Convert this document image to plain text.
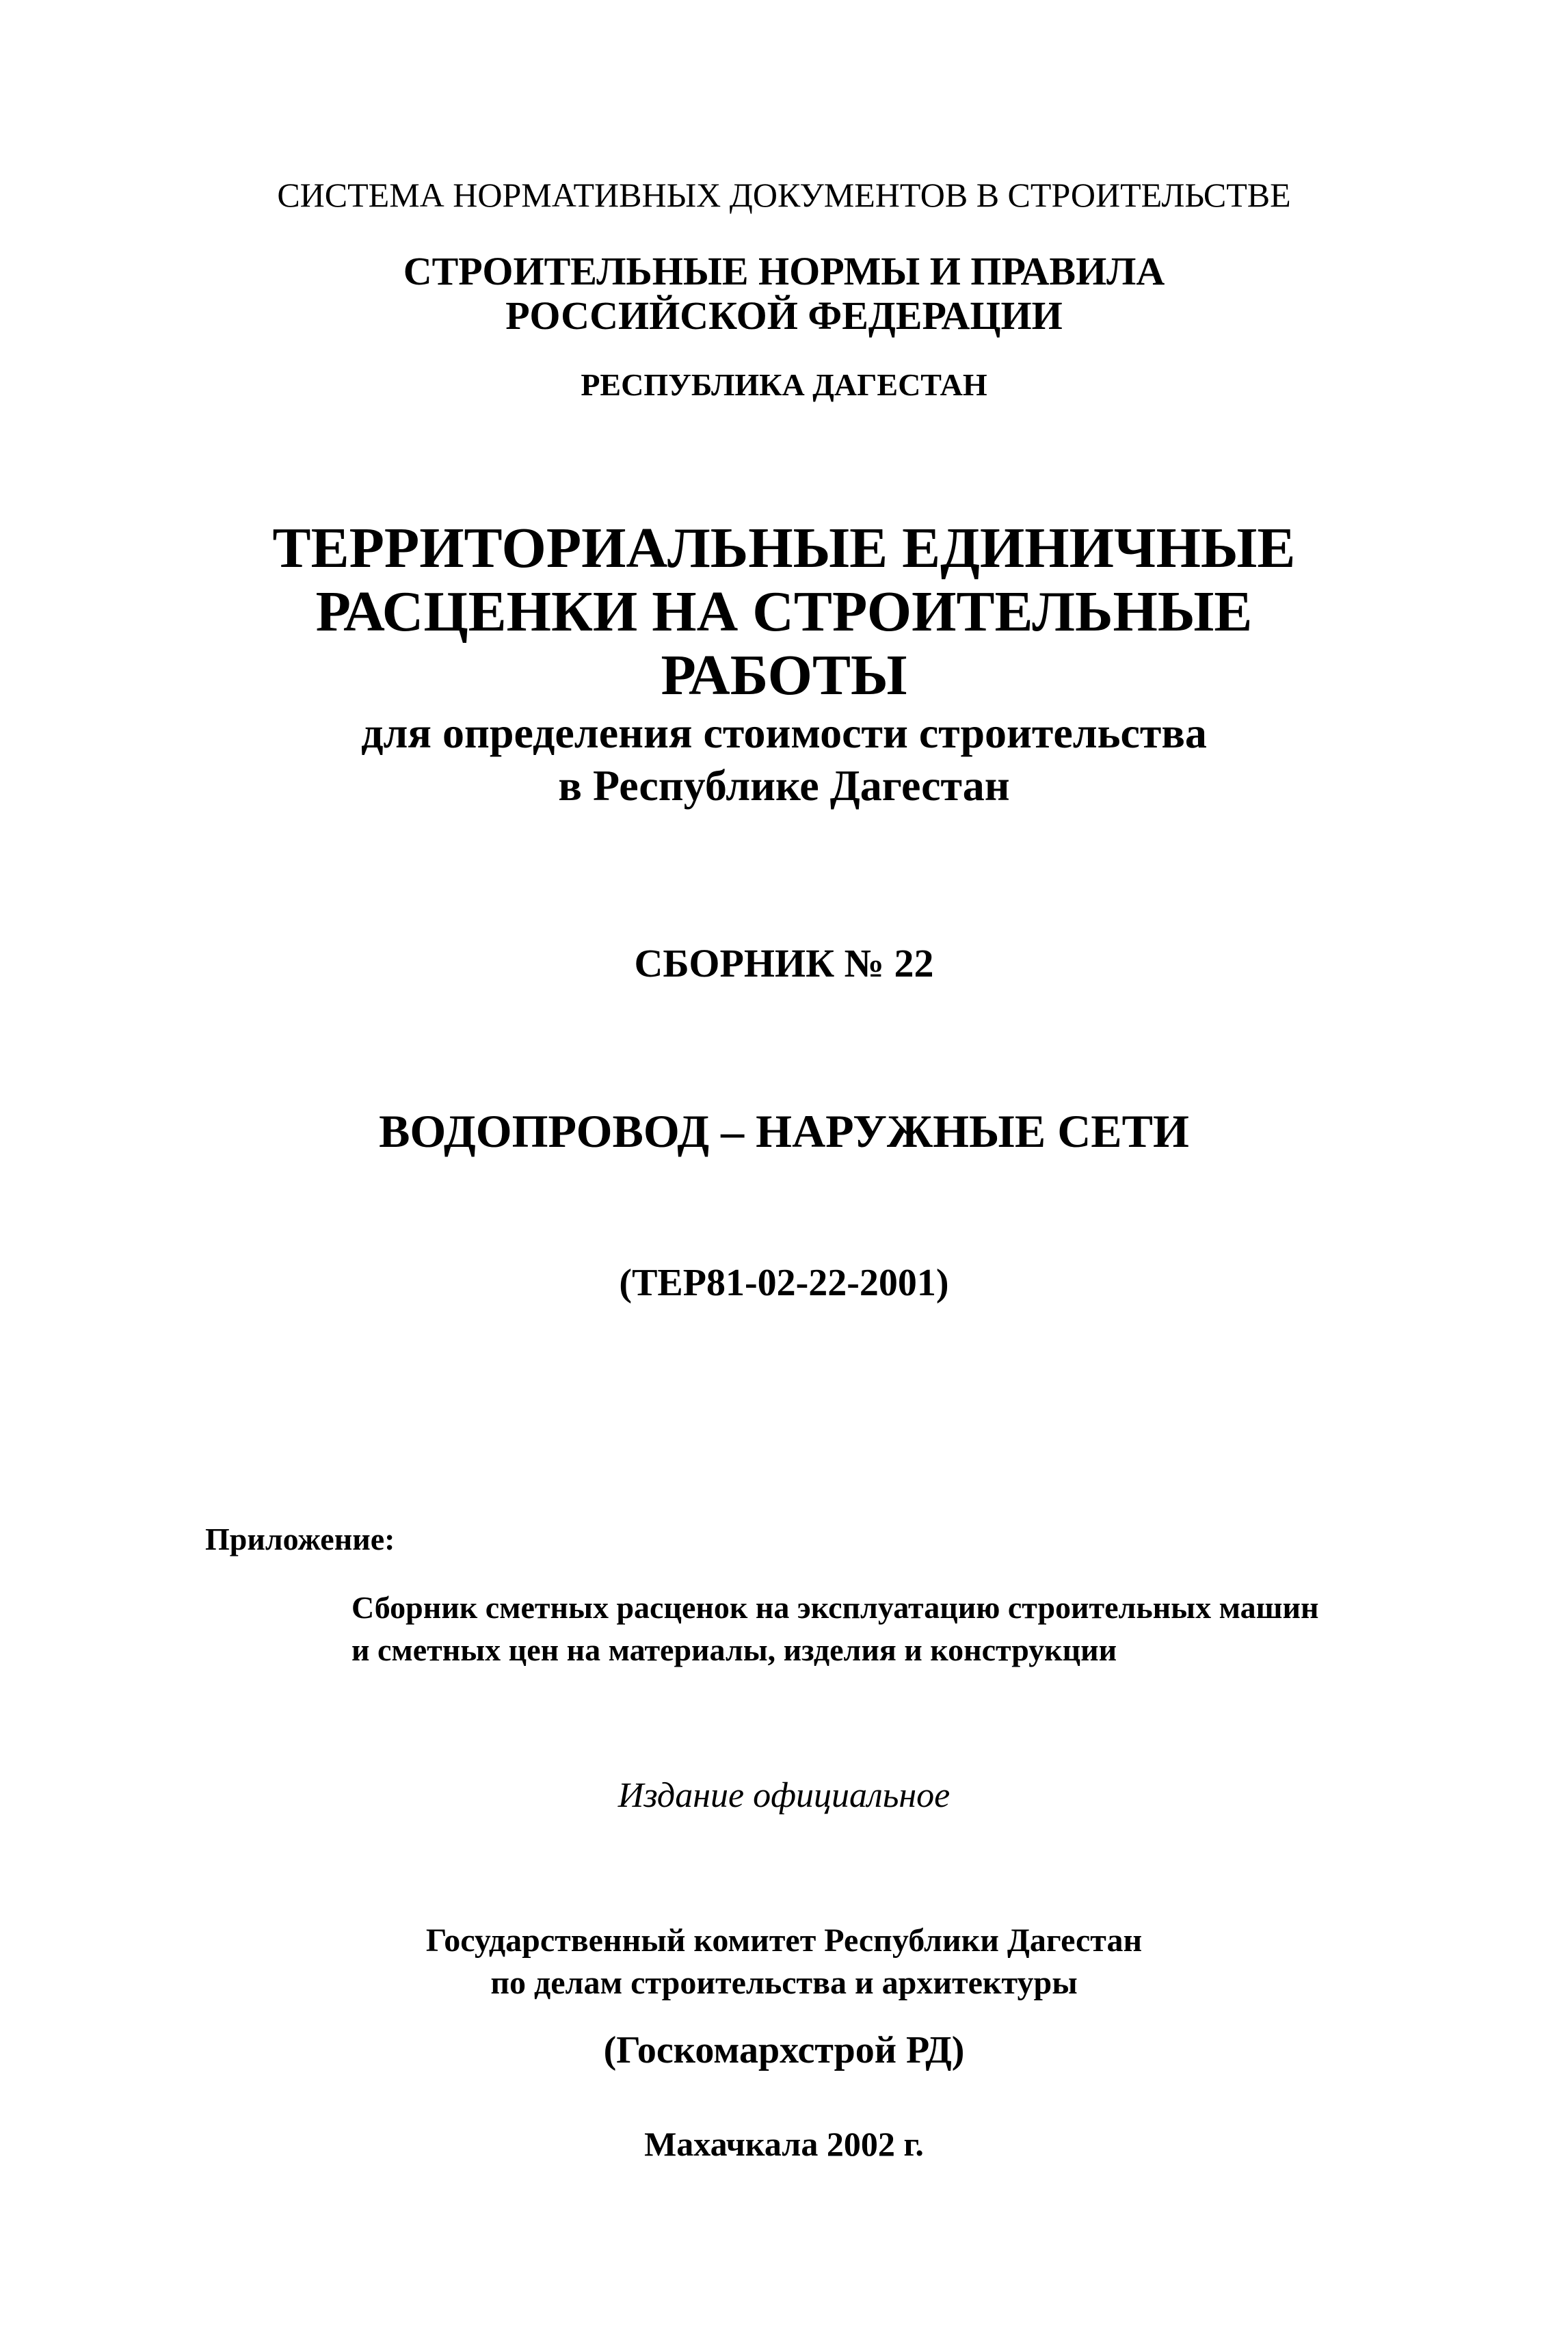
СИСТЕМА НОРМАТИВНЫХ ДОКУМЕНТОВ В СТРОИТЕЛЬСТВЕ
СТРОИТЕЛЬНЫЕ НОРМЫ И ПРАВИЛА
РОССИЙСКОЙ ФЕДЕРАЦИИ
РЕСПУБЛИКА ДАГЕСТАН
ТЕРРИТОРИАЛЬНЫЕ ЕДИНИЧНЫЕ
РАСЦЕНКИ НА СТРОИТЕЛЬНЫЕ
РАБОТЫ
для определения стоимости строительства
в Республике Дагестан
СБОРНИК № 22
ВОДОПРОВОД – НАРУЖНЫЕ СЕТИ
(ТЕР81-02-22-2001)
Приложение:
Сборник сметных расценок на эксплуатацию строительных машин
и сметных цен на материалы, изделия и конструкции
Издание официальное
Государственный комитет Республики Дагестан
по делам строительства и архитектуры
(Госкомархстрой РД)
Махачкала 2002 г.
